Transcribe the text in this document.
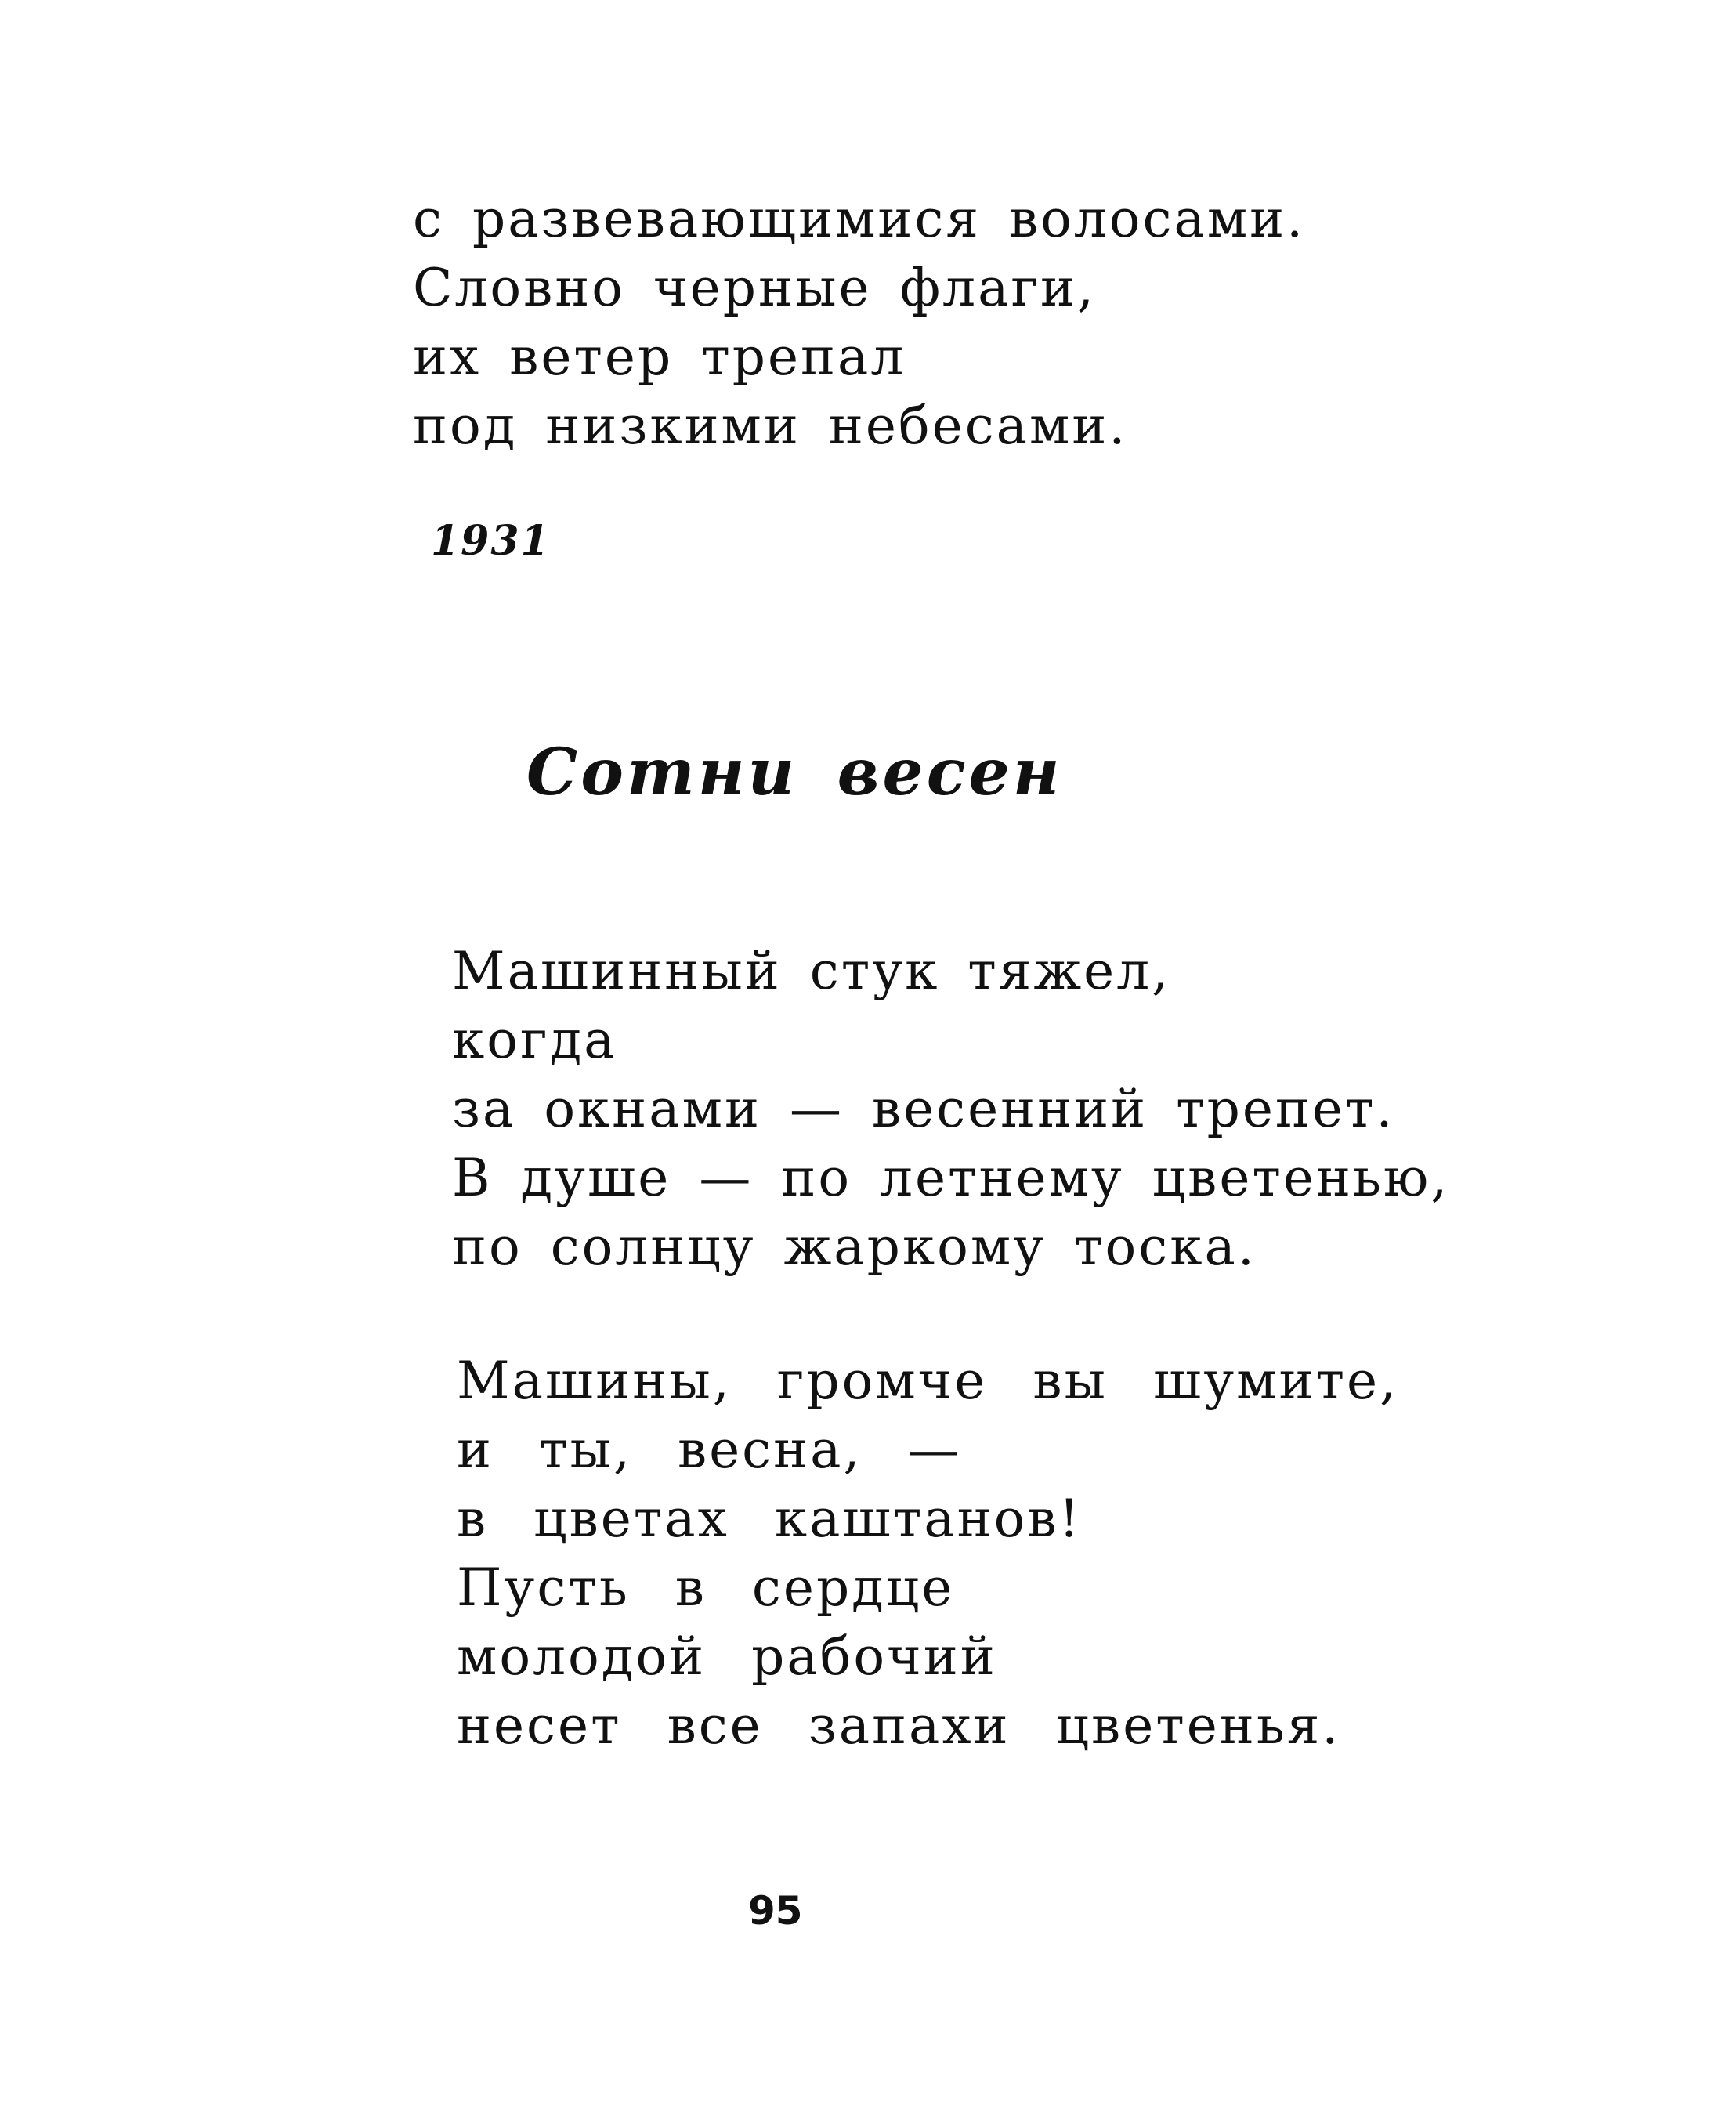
с развевающимися волосами.
Словно черные флаги,
их ветер трепал
под низкими небесами.
1931
Сотни весен
Машинный стук тяжел,
когда
за окнами — весенний трепет.
В душе — по летнему цветенью,
по солнцу жаркому тоска.
Машины, громче вы шумите,
и ты, весна, —
в цветах каштанов!
Пусть в сердце
молодой рабочий
несет все запахи цветенья.
95
